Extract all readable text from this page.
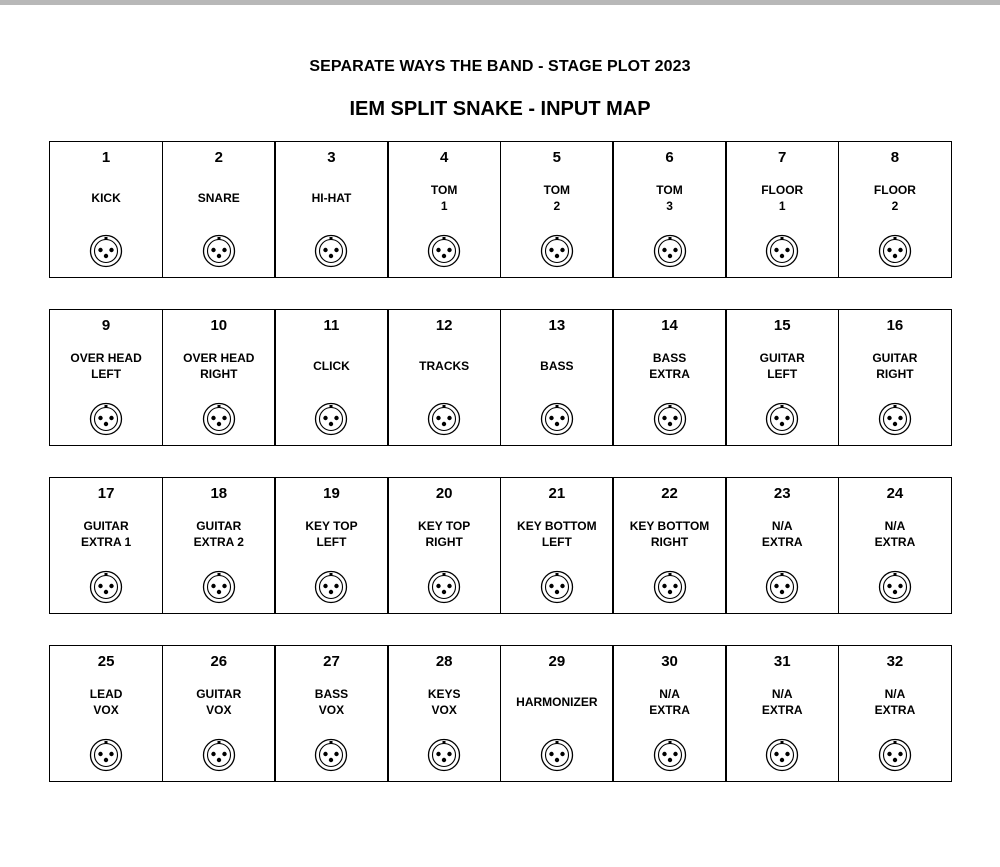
SEPARATE WAYS THE BAND - STAGE PLOT 2023
IEM SPLIT SNAKE - INPUT MAP
1
KICK
2
SNARE
3
HI-HAT
4
TOM
1
5
TOM
2
6
TOM
3
7
FLOOR
1
8
FLOOR
2
9
OVER HEAD
LEFT
10
OVER HEAD
RIGHT
11
CLICK
12
TRACKS
13
BASS
14
BASS
EXTRA
15
GUITAR
LEFT
16
GUITAR
RIGHT
17
GUITAR
EXTRA 1
18
GUITAR
EXTRA 2
19
KEY TOP
LEFT
20
KEY TOP
RIGHT
21
KEY BOTTOM
LEFT
22
KEY BOTTOM
RIGHT
23
N/A
EXTRA
24
N/A
EXTRA
25
LEAD
VOX
26
GUITAR
VOX
27
BASS
VOX
28
KEYS
VOX
29
HARMONIZER
30
N/A
EXTRA
31
N/A
EXTRA
32
N/A
EXTRA
